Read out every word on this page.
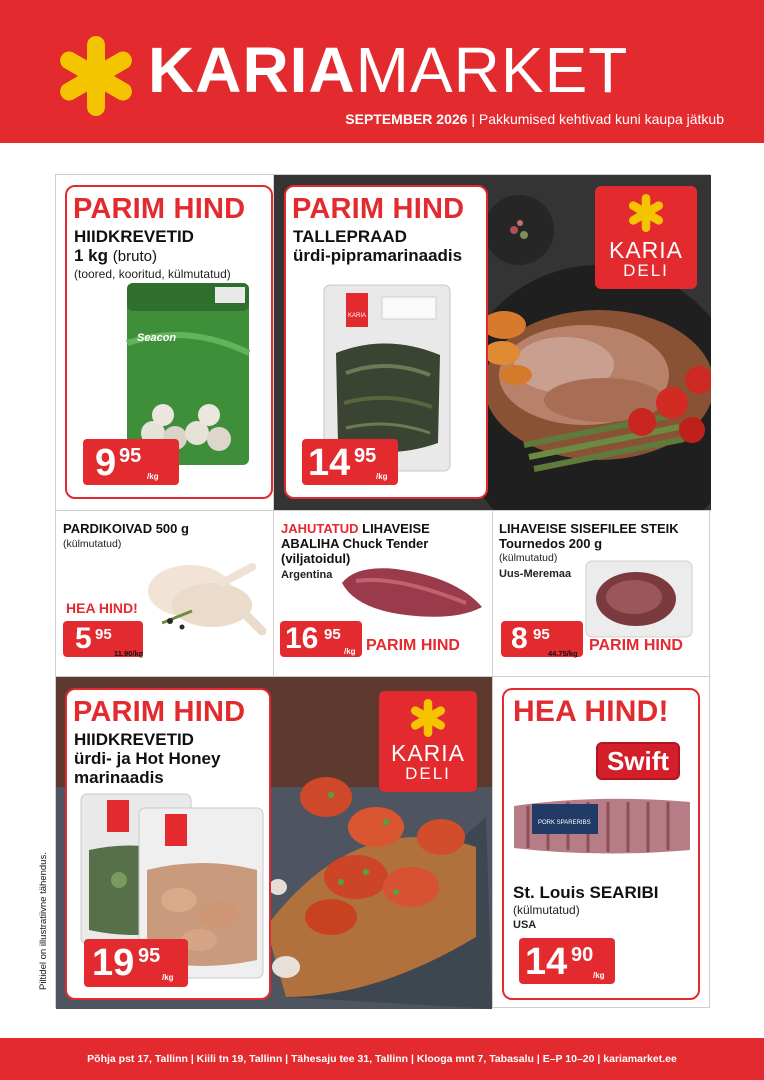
KARIAMARKET
SEPTEMBER 2026 | Pakkumised kehtivad kuni kaupa jätkub
PARIM HIND
HIIDKREVETID
1 kg (bruto)
(toored, kooritud, külmutatud)
Seacon
9 95
/kg
PARIM HIND
TALLEPRAAD
ürdi-pipramarinaadis
KARIA
14 95
/kg
KARIA
DELI
PARDIKOIVAD 500 g
(külmutatud)
HEA HIND!
5 95
11.90/kg
JAHUTATUD LIHAVEISE
ABALIHA Chuck Tender
(viljatoidul)
Argentina
16 95
/kg PARIM HIND
LIHAVEISE SISEFILEE STEIK
Tournedos 200 g
(külmutatud)
Uus-Meremaa
8 95
44.75/kg PARIM HIND
PARIM HIND
HIIDKREVETID
ürdi- ja Hot Honey
marinaadis
19 95
/kg
KARIA
DELI
HEA HIND!
Swift
PORK SPARERIBS
St. Louis SEARIBI
(külmutatud)
USA
14 90
/kg
Piltidel on illustratiivne tähendus.
Põhja pst 17, Tallinn | Kiili tn 19, Tallinn | Tähesaju tee 31, Tallinn | Klooga mnt 7, Tabasalu | E–P 10–20 | kariamarket.ee
